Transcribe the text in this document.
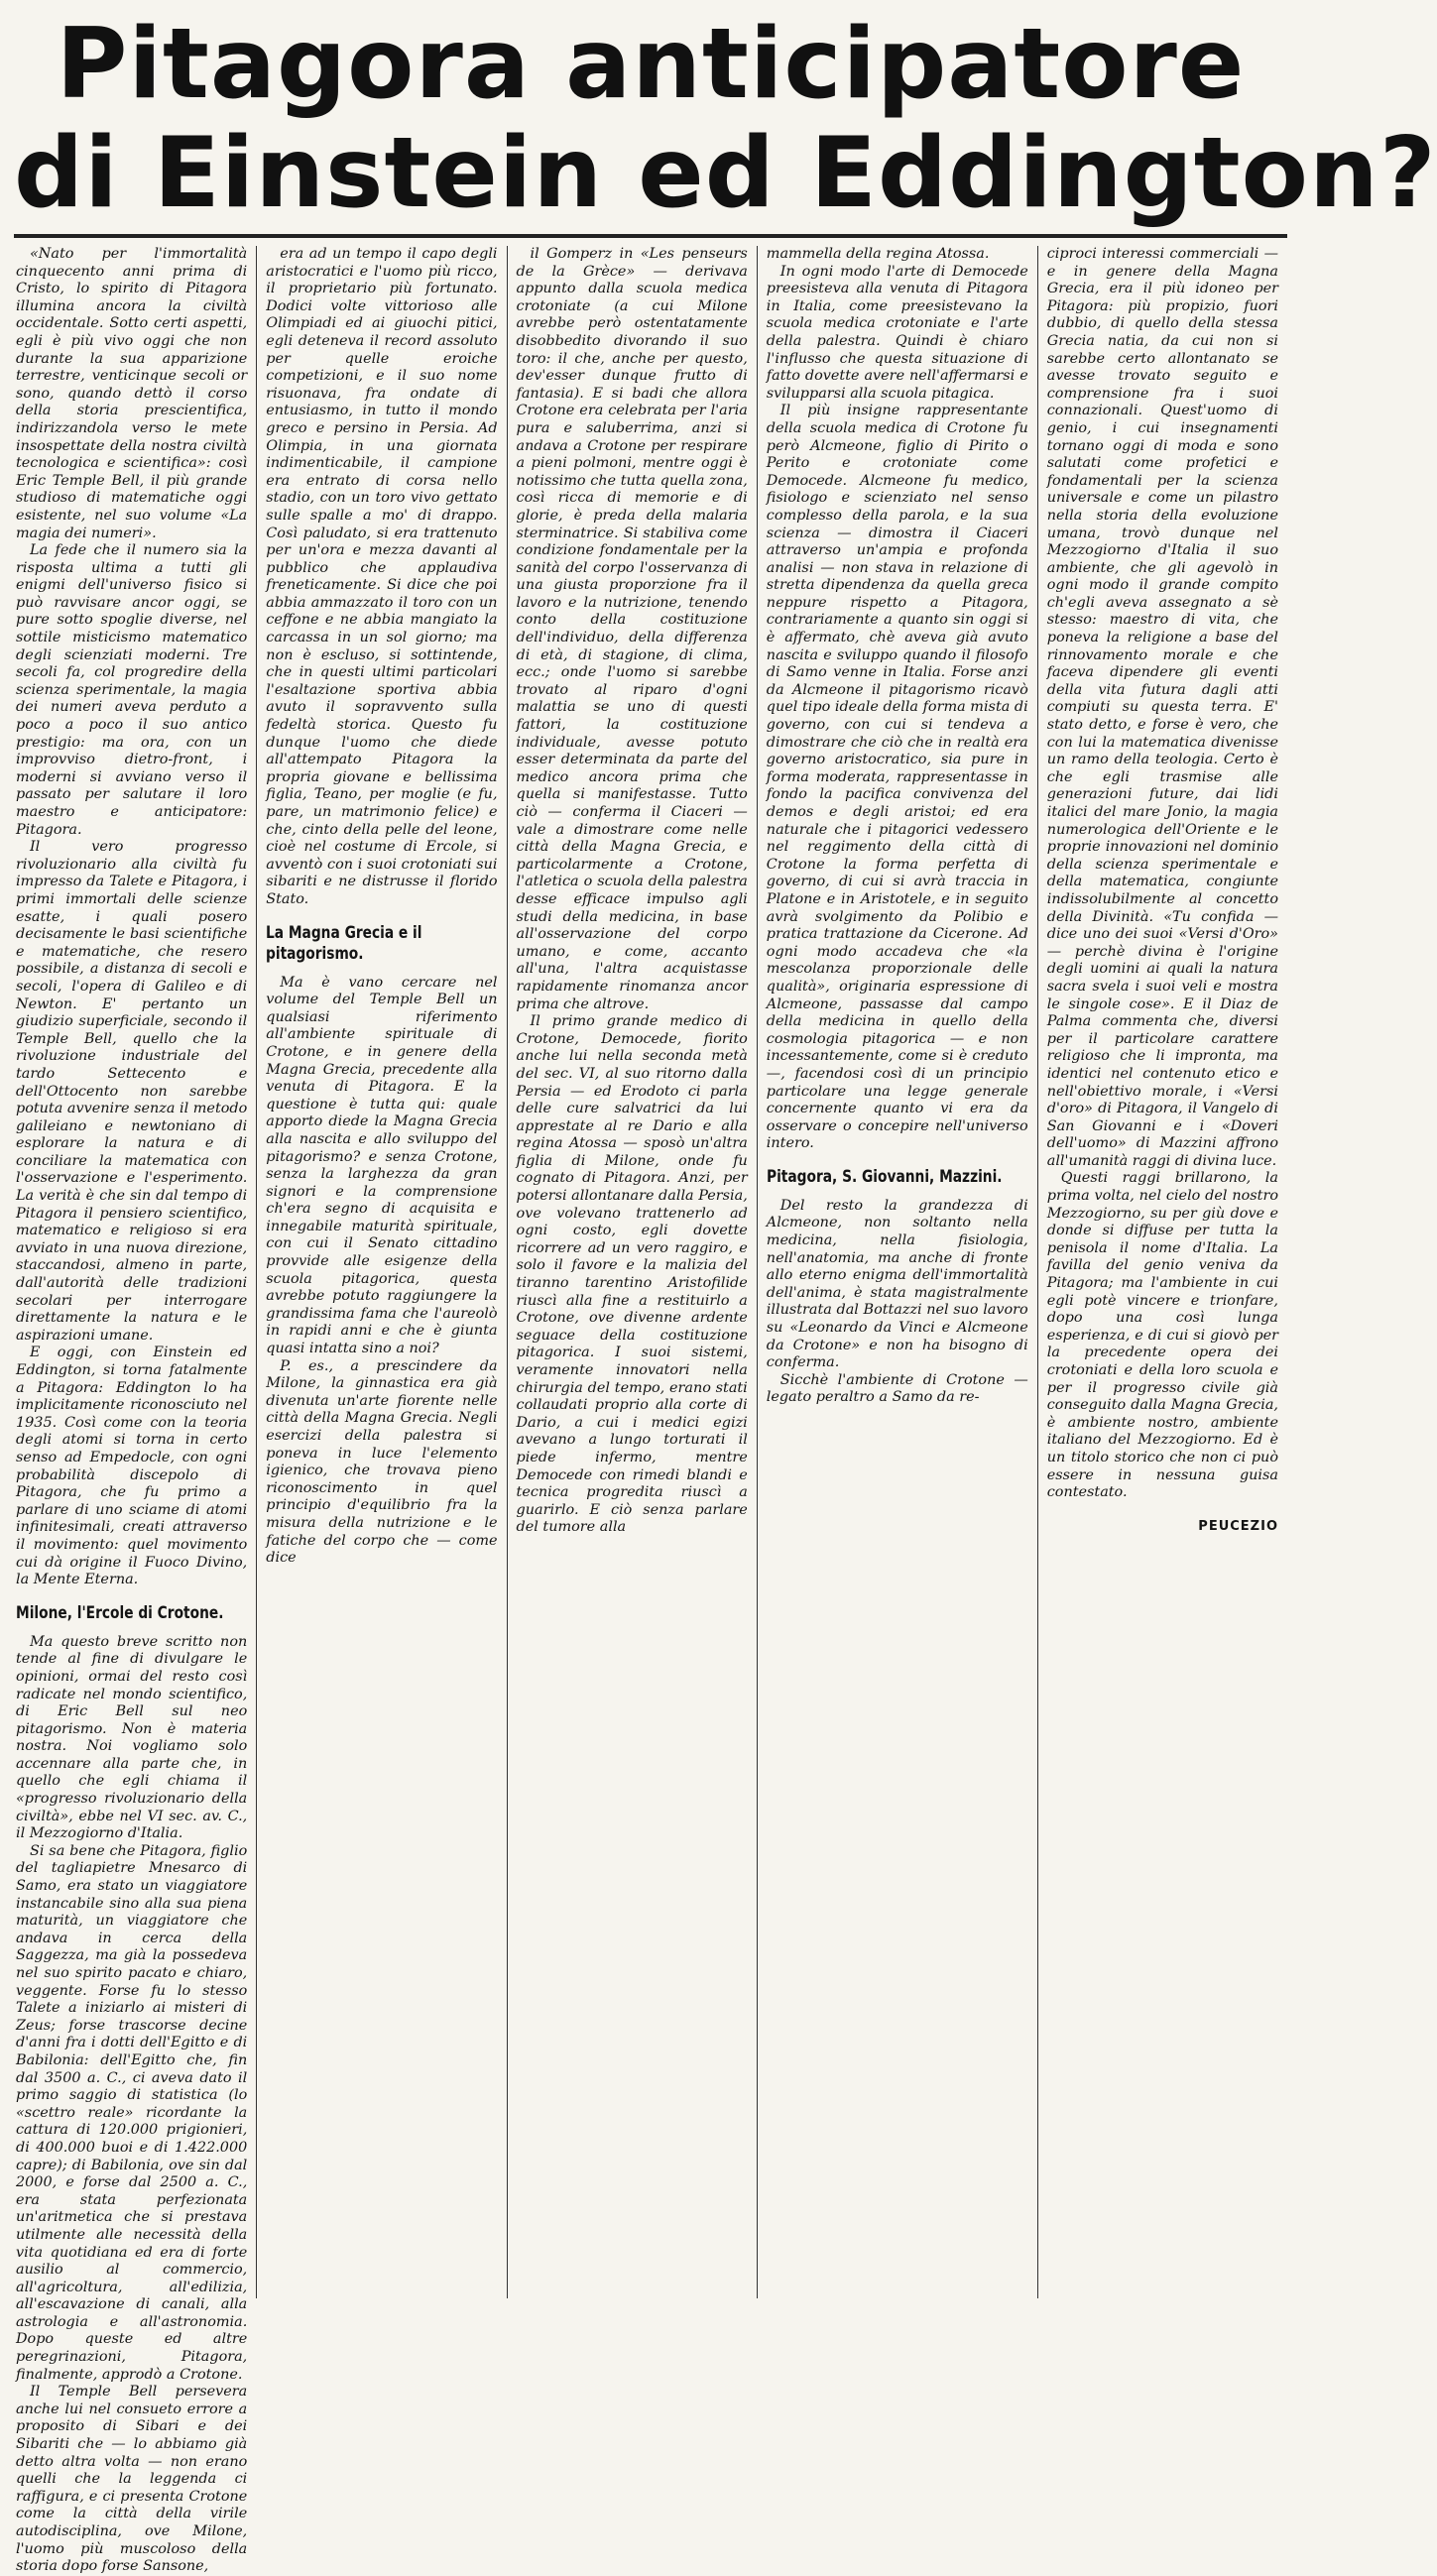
Pitagora anticipatore
di Einstein ed Eddington?

«Nato per l'immortalità cinquecento anni prima di Cristo, lo spirito di Pitagora illumina ancora la civiltà occidentale. Sotto certi aspetti, egli è più vivo oggi che non durante la sua apparizione terrestre, venticinque secoli or sono, quando dettò il corso della storia prescientifica, indirizzandola verso le mete insospettate della nostra civiltà tecnologica e scientifica»: così Eric Temple Bell, il più grande studioso di matematiche oggi esistente, nel suo volume «La magia dei numeri».

La fede che il numero sia la risposta ultima a tutti gli enigmi dell'universo fisico si può ravvisare ancor oggi, se pure sotto spoglie diverse, nel sottile misticismo matematico degli scienziati moderni. Tre secoli fa, col progredire della scienza sperimentale, la magia dei numeri aveva perduto a poco a poco il suo antico prestigio: ma ora, con un improvviso dietro-front, i moderni si avviano verso il passato per salutare il loro maestro e anticipatore: Pitagora.

Il vero progresso rivoluzionario alla civiltà fu impresso da Talete e Pitagora, i primi immortali delle scienze esatte, i quali posero decisamente le basi scientifiche e matematiche, che resero possibile, a distanza di secoli e secoli, l'opera di Galileo e di Newton. E' pertanto un giudizio superficiale, secondo il Temple Bell, quello che la rivoluzione industriale del tardo Settecento e dell'Ottocento non sarebbe potuta avvenire senza il metodo galileiano e newtoniano di esplorare la natura e di conciliare la matematica con l'osservazione e l'esperimento. La verità è che sin dal tempo di Pitagora il pensiero scientifico, matematico e religioso si era avviato in una nuova direzione, staccandosi, almeno in parte, dall'autorità delle tradizioni secolari per interrogare direttamente la natura e le aspirazioni umane.

E oggi, con Einstein ed Eddington, si torna fatalmente a Pitagora: Eddington lo ha implicitamente riconosciuto nel 1935. Così come con la teoria degli atomi si torna in certo senso ad Empedocle, con ogni probabilità discepolo di Pitagora, che fu primo a parlare di uno sciame di atomi infinitesimali, creati attraverso il movimento: quel movimento cui dà origine il Fuoco Divino, la Mente Eterna.

Milone, l'Ercole di Crotone.

Ma questo breve scritto non tende al fine di divulgare le opinioni, ormai del resto così radicate nel mondo scientifico, di Eric Bell sul neo pitagorismo. Non è materia nostra. Noi vogliamo solo accennare alla parte che, in quello che egli chiama il «progresso rivoluzionario della civiltà», ebbe nel VI sec. av. C., il Mezzogiorno d'Italia.

Si sa bene che Pitagora, figlio del tagliapietre Mnesarco di Samo, era stato un viaggiatore instancabile sino alla sua piena maturità, un viaggiatore che andava in cerca della Saggezza, ma già la possedeva nel suo spirito pacato e chiaro, veggente. Forse fu lo stesso Talete a iniziarlo ai misteri di Zeus; forse trascorse decine d'anni fra i dotti dell'Egitto e di Babilonia: dell'Egitto che, fin dal 3500 a. C., ci aveva dato il primo saggio di statistica (lo «scettro reale» ricordante la cattura di 120.000 prigionieri, di 400.000 buoi e di 1.422.000 capre); di Babilonia, ove sin dal 2000, e forse dal 2500 a. C., era stata perfezionata un'aritmetica che si prestava utilmente alle necessità della vita quotidiana ed era di forte ausilio al commercio, all'agricoltura, all'edilizia, all'escavazione di canali, alla astrologia e all'astronomia. Dopo queste ed altre peregrinazioni, Pitagora, finalmente, approdò a Crotone.

Il Temple Bell persevera anche lui nel consueto errore a proposito di Sibari e dei Sibariti che — lo abbiamo già detto altra volta — non erano quelli che la leggenda ci raffigura, e ci presenta Crotone come la città della virile autodisciplina, ove Milone, l'uomo più muscoloso della storia dopo forse Sansone,

era ad un tempo il capo degli aristocratici e l'uomo più ricco, il proprietario più fortunato. Dodici volte vittorioso alle Olimpiadi ed ai giuochi pitici, egli deteneva il record assoluto per quelle eroiche competizioni, e il suo nome risuonava, fra ondate di entusiasmo, in tutto il mondo greco e persino in Persia. Ad Olimpia, in una giornata indimenticabile, il campione era entrato di corsa nello stadio, con un toro vivo gettato sulle spalle a mo' di drappo. Così paludato, si era trattenuto per un'ora e mezza davanti al pubblico che applaudiva freneticamente. Si dice che poi abbia ammazzato il toro con un ceffone e ne abbia mangiato la carcassa in un sol giorno; ma non è escluso, si sottintende, che in questi ultimi particolari l'esaltazione sportiva abbia avuto il sopravvento sulla fedeltà storica. Questo fu dunque l'uomo che diede all'attempato Pitagora la propria giovane e bellissima figlia, Teano, per moglie (e fu, pare, un matrimonio felice) e che, cinto della pelle del leone, cioè nel costume di Ercole, si avventò con i suoi crotoniati sui sibariti e ne distrusse il florido Stato.

La Magna Grecia e il pitagorismo.

Ma è vano cercare nel volume del Temple Bell un qualsiasi riferimento all'ambiente spirituale di Crotone, e in genere della Magna Grecia, precedente alla venuta di Pitagora. E la questione è tutta qui: quale apporto diede la Magna Grecia alla nascita e allo sviluppo del pitagorismo? e senza Crotone, senza la larghezza da gran signori e la comprensione ch'era segno di acquisita e innegabile maturità spirituale, con cui il Senato cittadino provvide alle esigenze della scuola pitagorica, questa avrebbe potuto raggiungere la grandissima fama che l'aureolò in rapidi anni e che è giunta quasi intatta sino a noi?

P. es., a prescindere da Milone, la ginnastica era già divenuta un'arte fiorente nelle città della Magna Grecia. Negli esercizi della palestra si poneva in luce l'elemento igienico, che trovava pieno riconoscimento in quel principio d'equilibrio fra la misura della nutrizione e le fatiche del corpo che — come dice

il Gomperz in «Les penseurs de la Grèce» — derivava appunto dalla scuola medica crotoniate (a cui Milone avrebbe però ostentatamente disobbedito divorando il suo toro: il che, anche per questo, dev'esser dunque frutto di fantasia). E si badi che allora Crotone era celebrata per l'aria pura e saluberrima, anzi si andava a Crotone per respirare a pieni polmoni, mentre oggi è notissimo che tutta quella zona, così ricca di memorie e di glorie, è preda della malaria sterminatrice. Si stabiliva come condizione fondamentale per la sanità del corpo l'osservanza di una giusta proporzione fra il lavoro e la nutrizione, tenendo conto della costituzione dell'individuo, della differenza di età, di stagione, di clima, ecc.; onde l'uomo si sarebbe trovato al riparo d'ogni malattia se uno di questi fattori, la costituzione individuale, avesse potuto esser determinata da parte del medico ancora prima che quella si manifestasse. Tutto ciò — conferma il Ciaceri — vale a dimostrare come nelle città della Magna Grecia, e particolarmente a Crotone, l'atletica o scuola della palestra desse efficace impulso agli studi della medicina, in base all'osservazione del corpo umano, e come, accanto all'una, l'altra acquistasse rapidamente rinomanza ancor prima che altrove.

Il primo grande medico di Crotone, Democede, fiorito anche lui nella seconda metà del sec. VI, al suo ritorno dalla Persia — ed Erodoto ci parla delle cure salvatrici da lui apprestate al re Dario e alla regina Atossa — sposò un'altra figlia di Milone, onde fu cognato di Pitagora. Anzi, per potersi allontanare dalla Persia, ove volevano trattenerlo ad ogni costo, egli dovette ricorrere ad un vero raggiro, e solo il favore e la malizia del tiranno tarentino Aristofilide riuscì alla fine a restituirlo a Crotone, ove divenne ardente seguace della costituzione pitagorica. I suoi sistemi, veramente innovatori nella chirurgia del tempo, erano stati collaudati proprio alla corte di Dario, a cui i medici egizi avevano a lungo torturati il piede infermo, mentre Democede con rimedi blandi e tecnica progredita riuscì a guarirlo. E ciò senza parlare del tumore alla

mammella della regina Atossa.

In ogni modo l'arte di Democede preesisteva alla venuta di Pitagora in Italia, come preesistevano la scuola medica crotoniate e l'arte della palestra. Quindi è chiaro l'influsso che questa situazione di fatto dovette avere nell'affermarsi e svilupparsi alla scuola pitagica.

Il più insigne rappresentante della scuola medica di Crotone fu però Alcmeone, figlio di Pirito o Perito e crotoniate come Democede. Alcmeone fu medico, fisiologo e scienziato nel senso complesso della parola, e la sua scienza — dimostra il Ciaceri attraverso un'ampia e profonda analisi — non stava in relazione di stretta dipendenza da quella greca neppure rispetto a Pitagora, contrariamente a quanto sin oggi si è affermato, chè aveva già avuto nascita e sviluppo quando il filosofo di Samo venne in Italia. Forse anzi da Alcmeone il pitagorismo ricavò quel tipo ideale della forma mista di governo, con cui si tendeva a dimostrare che ciò che in realtà era governo aristocratico, sia pure in forma moderata, rappresentasse in fondo la pacifica convivenza del demos e degli aristoi; ed era naturale che i pitagorici vedessero nel reggimento della città di Crotone la forma perfetta di governo, di cui si avrà traccia in Platone e in Aristotele, e in seguito avrà svolgimento da Polibio e pratica trattazione da Cicerone. Ad ogni modo accadeva che «la mescolanza proporzionale delle qualità», originaria espressione di Alcmeone, passasse dal campo della medicina in quello della cosmologia pitagorica — e non incessantemente, come si è creduto —, facendosi così di un principio particolare una legge generale concernente quanto vi era da osservare o concepire nell'universo intero.

Pitagora, S. Giovanni, Mazzini.

Del resto la grandezza di Alcmeone, non soltanto nella medicina, nella fisiologia, nell'anatomia, ma anche di fronte allo eterno enigma dell'immortalità dell'anima, è stata magistralmente illustrata dal Bottazzi nel suo lavoro su «Leonardo da Vinci e Alcmeone da Crotone» e non ha bisogno di conferma.

Sicchè l'ambiente di Crotone — legato peraltro a Samo da re-

ciproci interessi commerciali — e in genere della Magna Grecia, era il più idoneo per Pitagora: più propizio, fuori dubbio, di quello della stessa Grecia natia, da cui non si sarebbe certo allontanato se avesse trovato seguito e comprensione fra i suoi connazionali. Quest'uomo di genio, i cui insegnamenti tornano oggi di moda e sono salutati come profetici e fondamentali per la scienza universale e come un pilastro nella storia della evoluzione umana, trovò dunque nel Mezzogiorno d'Italia il suo ambiente, che gli agevolò in ogni modo il grande compito ch'egli aveva assegnato a sè stesso: maestro di vita, che poneva la religione a base del rinnovamento morale e che faceva dipendere gli eventi della vita futura dagli atti compiuti su questa terra. E' stato detto, e forse è vero, che con lui la matematica divenisse un ramo della teologia. Certo è che egli trasmise alle generazioni future, dai lidi italici del mare Jonio, la magia numerologica dell'Oriente e le proprie innovazioni nel dominio della scienza sperimentale e della matematica, congiunte indissolubilmente al concetto della Divinità. «Tu confida — dice uno dei suoi «Versi d'Oro» — perchè divina è l'origine degli uomini ai quali la natura sacra svela i suoi veli e mostra le singole cose». E il Diaz de Palma commenta che, diversi per il particolare carattere religioso che li impronta, ma identici nel contenuto etico e nell'obiettivo morale, i «Versi d'oro» di Pitagora, il Vangelo di San Giovanni e i «Doveri dell'uomo» di Mazzini affrono all'umanità raggi di divina luce.

Questi raggi brillarono, la prima volta, nel cielo del nostro Mezzogiorno, su per giù dove e donde si diffuse per tutta la penisola il nome d'Italia. La favilla del genio veniva da Pitagora; ma l'ambiente in cui egli potè vincere e trionfare, dopo una così lunga esperienza, e di cui si giovò per la precedente opera dei crotoniati e della loro scuola e per il progresso civile già conseguito dalla Magna Grecia, è ambiente nostro, ambiente italiano del Mezzogiorno. Ed è un titolo storico che non ci può essere in nessuna guisa contestato.

PEUCEZIO
